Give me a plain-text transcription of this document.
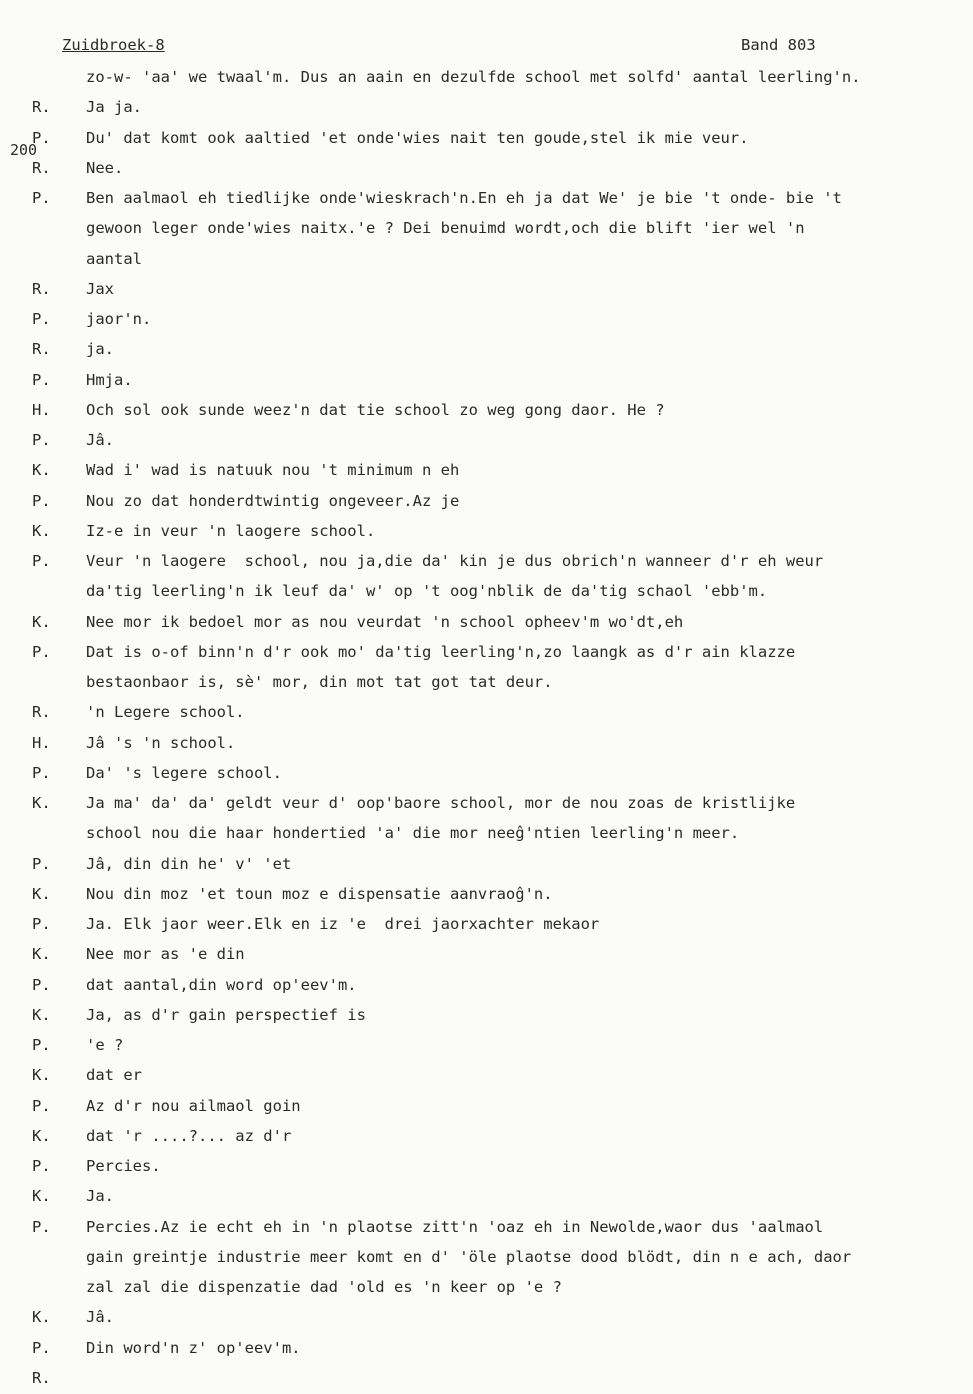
Zuidbroek-8	Band 803
200
zo-w- 'aa' we twaal'm. Dus an aain en dezulfde school met solfd' aantal leerling'n.
R. Ja ja.
P. Du' dat komt ook aaltied 'et onde'wies nait ten goude,stel ik mie veur.
R. Nee.
P. Ben aalmaol eh tiedlijke onde'wieskrach'n.En eh ja dat We' je bie 't onde- bie 't
gewoon leger onde'wies naitx.'e ? Dei benuimd wordt,och die blift 'ier wel 'n
aantal
R. Jax
P. jaor'n.
R. ja.
P. Hmja.
H. Och sol ook sunde weez'n dat tie school zo weg gong daor. He ?
P. Jâ.
K. Wad i' wad is natuuk nou 't minimum n eh
P. Nou zo dat honderdtwintig ongeveer.Az je
K. Iz-e in veur 'n laogere school.
P. Veur 'n laogere  school, nou ja,die da' kin je dus obrich'n wanneer d'r eh weur
da'tig leerling'n ik leuf da' w' op 't oog'nblik de da'tig schaol 'ebb'm.
K. Nee mor ik bedoel mor as nou veurdat 'n school opheev'm wo'dt,eh
P. Dat is o-of binn'n d'r ook mo' da'tig leerling'n,zo laangk as d'r ain klazze
bestaonbaor is, sè' mor, din mot tat got tat deur.
R. 'n Legere school.
H. Jâ 's 'n school.
P. Da' 's legere school.
K. Ja ma' da' da' geldt veur d' oop'baore school, mor de nou zoas de kristlijke
school nou die haar hondertied 'a' die mor neeĝ'ntien leerling'n meer.
P. Jâ, din din he' v' 'et
K. Nou din moz 'et toun moz e dispensatie aanvraoĝ'n.
P. Ja. Elk jaor weer.Elk en iz 'e  drei jaorxachter mekaor
K. Nee mor as 'e din
P. dat aantal,din word op'eev'm.
K. Ja, as d'r gain perspectief is
P. 'e ?
K. dat er
P. Az d'r nou ailmaol goin
K. dat 'r ....?... az d'r
P. Percies.
K. Ja.
P. Percies.Az ie echt eh in 'n plaotse zitt'n 'oaz eh in Newolde,waor dus 'aalmaol
gain greintje industrie meer komt en d' 'öle plaotse dood blödt, din n e ach, daor
zal zal die dispenzatie dad 'old es 'n keer op 'e ?
K. Jâ.
P. Din word'n z' op'eev'm.
R.
